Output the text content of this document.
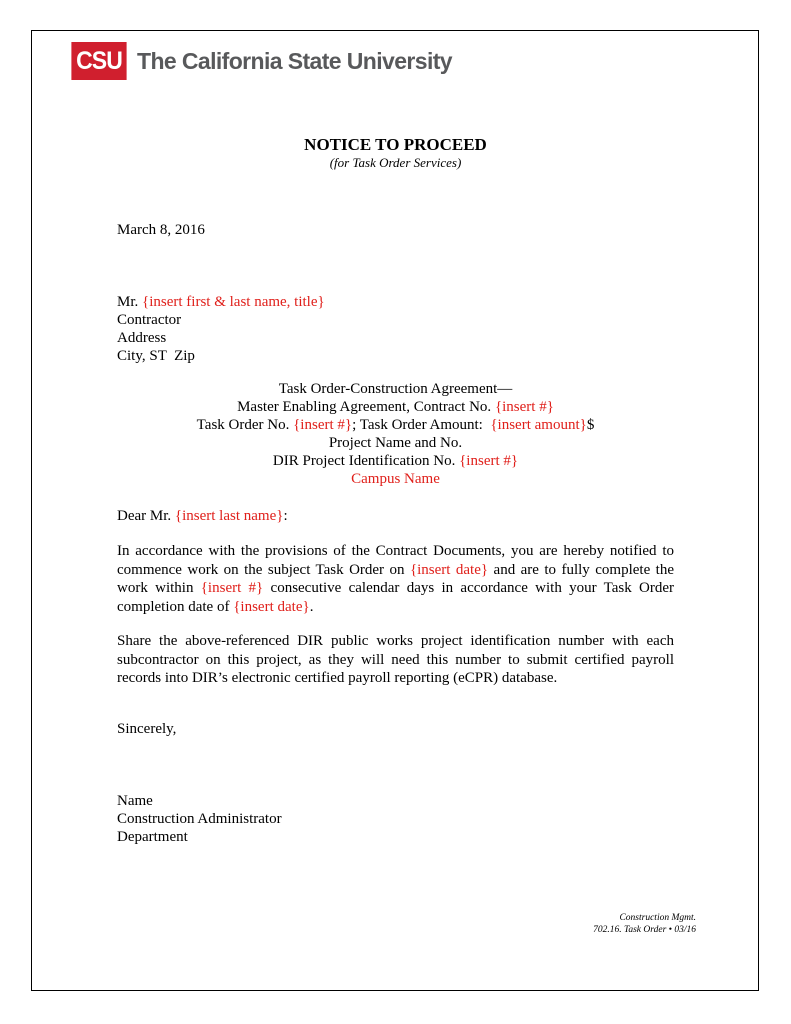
CSU The California State University
NOTICE TO PROCEED
(for Task Order Services)
March 8, 2016
Mr. {insert first & last name, title}
Contractor
Address
City, ST  Zip
Task Order-Construction Agreement—
Master Enabling Agreement, Contract No. {insert #}
Task Order No. {insert #}; Task Order Amount:  {insert amount}$
Project Name and No.
DIR Project Identification No. {insert #}
Campus Name
Dear Mr. {insert last name}:
In accordance with the provisions of the Contract Documents, you are hereby notified to commence work on the subject Task Order on {insert date} and are to fully complete the work within {insert #} consecutive calendar days in accordance with your Task Order completion date of {insert date}.
Share the above-referenced DIR public works project identification number with each subcontractor on this project, as they will need this number to submit certified payroll records into DIR’s electronic certified payroll reporting (eCPR) database.
Sincerely,
Name
Construction Administrator
Department
Construction Mgmt.
702.16. Task Order • 03/16
